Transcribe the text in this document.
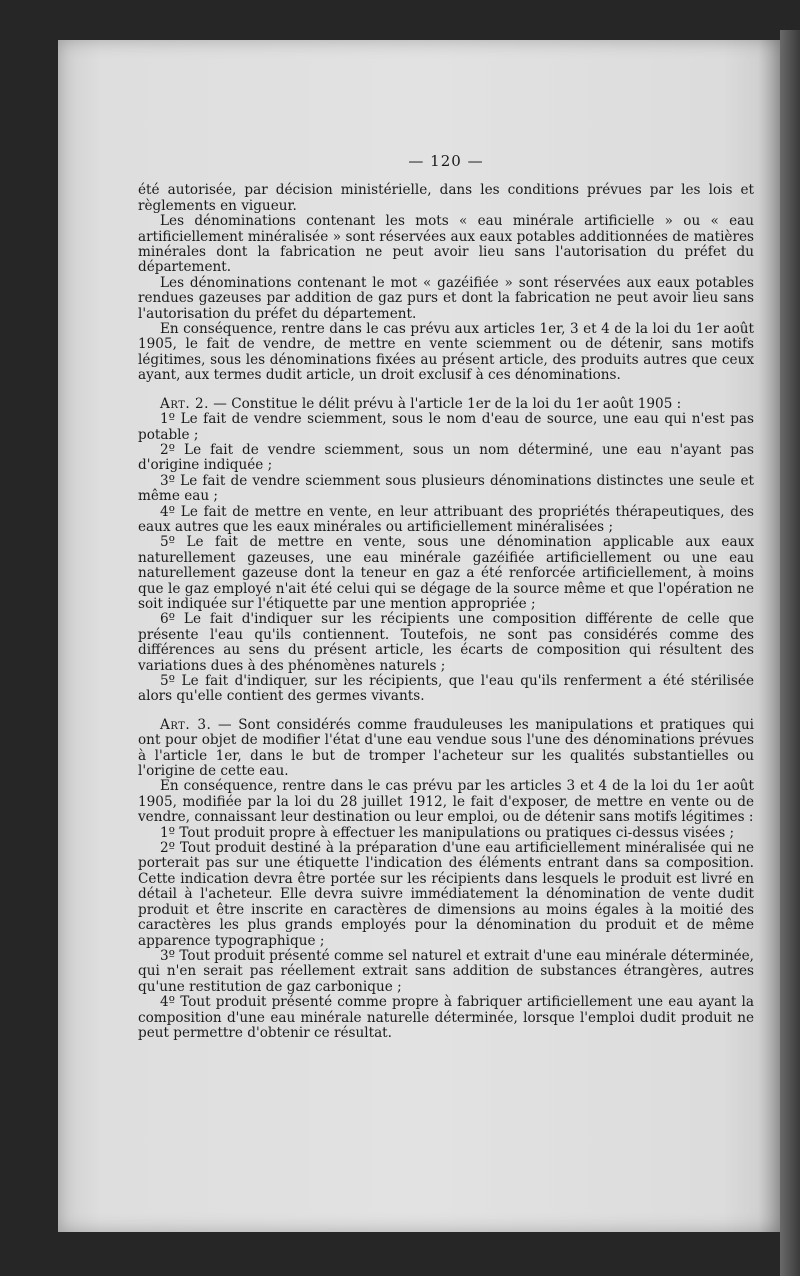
— 120 —

été autorisée, par décision ministérielle, dans les conditions prévues par les lois et règlements en vigueur.

Les dénominations contenant les mots « eau minérale artificielle » ou « eau artificiellement minéralisée » sont réservées aux eaux potables additionnées de matières minérales dont la fabrication ne peut avoir lieu sans l'autorisation du préfet du département.

Les dénominations contenant le mot « gazéifiée » sont réservées aux eaux potables rendues gazeuses par addition de gaz purs et dont la fabrication ne peut avoir lieu sans l'autorisation du préfet du département.

En conséquence, rentre dans le cas prévu aux articles 1er, 3 et 4 de la loi du 1er août 1905, le fait de vendre, de mettre en vente sciemment ou de détenir, sans motifs légitimes, sous les dénominations fixées au présent article, des produits autres que ceux ayant, aux termes dudit article, un droit exclusif à ces dénominations.

Art. 2. — Constitue le délit prévu à l'article 1er de la loi du 1er août 1905 :

1º Le fait de vendre sciemment, sous le nom d'eau de source, une eau qui n'est pas potable ;

2º Le fait de vendre sciemment, sous un nom déterminé, une eau n'ayant pas d'origine indiquée ;

3º Le fait de vendre sciemment sous plusieurs dénominations distinctes une seule et même eau ;

4º Le fait de mettre en vente, en leur attribuant des propriétés thérapeutiques, des eaux autres que les eaux minérales ou artificiellement minéralisées ;

5º Le fait de mettre en vente, sous une dénomination applicable aux eaux naturellement gazeuses, une eau minérale gazéifiée artificiellement ou une eau naturellement gazeuse dont la teneur en gaz a été renforcée artificiellement, à moins que le gaz employé n'ait été celui qui se dégage de la source même et que l'opération ne soit indiquée sur l'étiquette par une mention appropriée ;

6º Le fait d'indiquer sur les récipients une composition différente de celle que présente l'eau qu'ils contiennent. Toutefois, ne sont pas considérés comme des différences au sens du présent article, les écarts de composition qui résultent des variations dues à des phénomènes naturels ;

5º Le fait d'indiquer, sur les récipients, que l'eau qu'ils renferment a été stérilisée alors qu'elle contient des germes vivants.

Art. 3. — Sont considérés comme frauduleuses les manipulations et pratiques qui ont pour objet de modifier l'état d'une eau vendue sous l'une des dénominations prévues à l'article 1er, dans le but de tromper l'acheteur sur les qualités substantielles ou l'origine de cette eau.

En conséquence, rentre dans le cas prévu par les articles 3 et 4 de la loi du 1er août 1905, modifiée par la loi du 28 juillet 1912, le fait d'exposer, de mettre en vente ou de vendre, connaissant leur destination ou leur emploi, ou de détenir sans motifs légitimes :

1º Tout produit propre à effectuer les manipulations ou pratiques ci-dessus visées ;

2º Tout produit destiné à la préparation d'une eau artificiellement minéralisée qui ne porterait pas sur une étiquette l'indication des éléments entrant dans sa composition. Cette indication devra être portée sur les récipients dans lesquels le produit est livré en détail à l'acheteur. Elle devra suivre immédiatement la dénomination de vente dudit produit et être inscrite en caractères de dimensions au moins égales à la moitié des caractères les plus grands employés pour la dénomination du produit et de même apparence typographique ;

3º Tout produit présenté comme sel naturel et extrait d'une eau minérale déterminée, qui n'en serait pas réellement extrait sans addition de substances étrangères, autres qu'une restitution de gaz carbonique ;

4º Tout produit présenté comme propre à fabriquer artificiellement une eau ayant la composition d'une eau minérale naturelle déterminée, lorsque l'emploi dudit produit ne peut permettre d'obtenir ce résultat.
